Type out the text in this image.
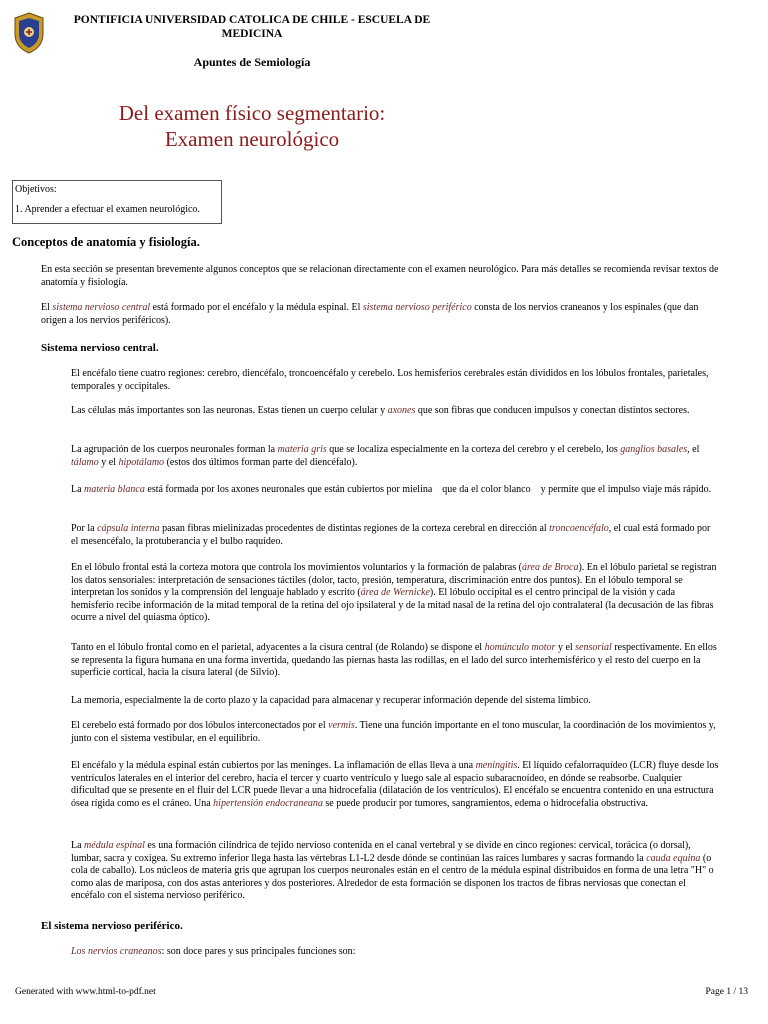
PONTIFICIA UNIVERSIDAD CATOLICA DE CHILE - ESCUELA DE MEDICINA
Apuntes de Semiología
Del examen físico segmentario:
Examen neurológico
Objetivos:
1. Aprender a efectuar el examen neurológico.
Conceptos de anatomía y fisiología.
En esta sección se presentan brevemente algunos conceptos que se relacionan directamente con el examen neurológico. Para más detalles se recomienda revisar textos de anatomía y fisiología.
El sistema nervioso central está formado por el encéfalo y la médula espinal. El sistema nervioso periférico consta de los nervios craneanos y los espinales (que dan origen a los nervios periféricos).
Sistema nervioso central.
El encéfalo tiene cuatro regiones: cerebro, diencéfalo, troncoencéfalo y cerebelo. Los hemisferios cerebrales están divididos en los lóbulos frontales, parietales, temporales y occipitales.
Las células más importantes son las neuronas. Estas tienen un cuerpo celular y axones que son fibras que conducen impulsos y conectan distintos sectores.
La agrupación de los cuerpos neuronales forman la materia gris que se localiza especialmente en la corteza del cerebro y el cerebelo, los ganglios basales, el tálamo y el hipotálamo (estos dos últimos forman parte del diencéfalo).
La materia blanca está formada por los axones neuronales que están cubiertos por mielina    que da el color blanco    y permite que el impulso viaje más rápido.
Por la cápsula interna pasan fibras mielinizadas procedentes de distintas regiones de la corteza cerebral en dirección al troncoencéfalo, el cual está formado por el mesencéfalo, la protuberancia y el bulbo raquídeo.
En el lóbulo frontal está la corteza motora que controla los movimientos voluntarios y la formación de palabras (área de Broca). En el lóbulo parietal se registran los datos sensoriales: interpretación de sensaciones táctiles (dolor, tacto, presión, temperatura, discriminación entre dos puntos). En el lóbulo temporal se interpretan los sonidos y la comprensión del lenguaje hablado y escrito (área de Wernicke). El lóbulo occipital es el centro principal de la visión y cada hemisferio recibe información de la mitad temporal de la retina del ojo ipsilateral y de la mitad nasal de la retina del ojo contralateral (la decusación de las fibras ocurre a nivel del quiasma óptico).
Tanto en el lóbulo frontal como en el parietal, adyacentes a la cisura central (de Rolando) se dispone el homúnculo motor y el sensorial respectivamente. En ellos se representa la figura humana en una forma invertida, quedando las piernas hasta las rodillas, en el lado del surco interhemisférico y el resto del cuerpo en la superficie cortical, hacia la cisura lateral (de Silvio).
La memoria, especialmente la de corto plazo y la capacidad para almacenar y recuperar información depende del sistema límbico.
El cerebelo está formado por dos lóbulos interconectados por el vermis. Tiene una función importante en el tono muscular, la coordinación de los movimientos y, junto con el sistema vestibular, en el equilibrio.
El encéfalo y la médula espinal están cubiertos por las meninges. La inflamación de ellas lleva a una meningitis. El líquido cefalorraquídeo (LCR) fluye desde los ventrículos laterales en el interior del cerebro, hacia el tercer y cuarto ventrículo y luego sale al espacio subaracnoídeo, en dónde se reabsorbe. Cualquier dificultad que se presente en el fluir del LCR puede llevar a una hidrocefalia (dilatación de los ventrículos). El encéfalo se encuentra contenido en una estructura ósea rígida como es el cráneo. Una hipertensión endocraneana se puede producir por tumores, sangramientos, edema o hidrocefalia obstructiva.
La médula espinal es una formación cilíndrica de tejido nervioso contenida en el canal vertebral y se divide en cinco regiones: cervical, torácica (o dorsal), lumbar, sacra y coxigea. Su extremo inferior llega hasta las vértebras L1-L2 desde dónde se continúan las raíces lumbares y sacras formando la cauda equina (o cola de caballo). Los núcleos de materia gris que agrupan los cuerpos neuronales están en el centro de la médula espinal distribuidos en forma de una letra "H" o como alas de mariposa, con dos astas anteriores y dos posteriores. Alrededor de esta formación se disponen los tractos de fibras nerviosas que conectan el encéfalo con el sistema nervioso periférico.
El sistema nervioso periférico.
Los nervios craneanos: son doce pares y sus principales funciones son:
Generated with www.html-to-pdf.net	Page 1 / 13
